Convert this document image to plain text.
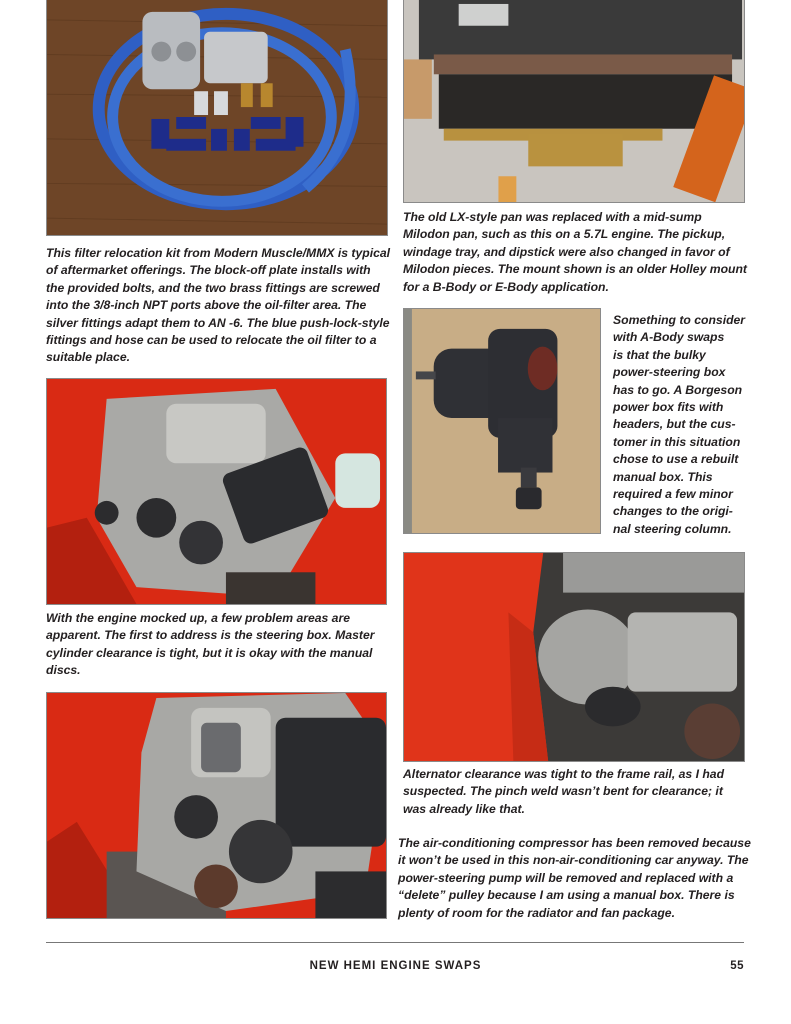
This filter relocation kit from Modern Muscle/MMX is typical of aftermarket offerings. The block-off plate installs with the provided bolts, and the two brass fittings are screwed into the 3/8-inch NPT ports above the oil-filter area. The silver fittings adapt them to AN -6. The blue push-lock-style fittings and hose can be used to relocate the oil filter to a suitable place.

The old LX-style pan was replaced with a mid-sump Milodon pan, such as this on a 5.7L engine. The pickup, windage tray, and dipstick were also changed in favor of Milodon pieces. The mount shown is an older Holley mount for a B-Body or E-Body application.

Something to consider
with A-Body swaps
is that the bulky
power-steering box
has to go. A Borgeson
power box fits with
headers, but the cus-
tomer in this situation
chose to use a rebuilt
manual box. This
required a few minor
changes to the origi-
nal steering column.

With the engine mocked up, a few problem areas are apparent. The first to address is the steering box. Master cylinder clearance is tight, but it is okay with the manual discs.

Alternator clearance was tight to the frame rail, as I had suspected. The pinch weld wasn’t bent for clearance; it was already like that.

The air-conditioning compressor has been removed because it won’t be used in this non-air-conditioning car anyway. The power-steering pump will be removed and replaced with a “delete” pulley because I am using a manual box. There is plenty of room for the radiator and fan package.

NEW HEMI ENGINE SWAPS	55
